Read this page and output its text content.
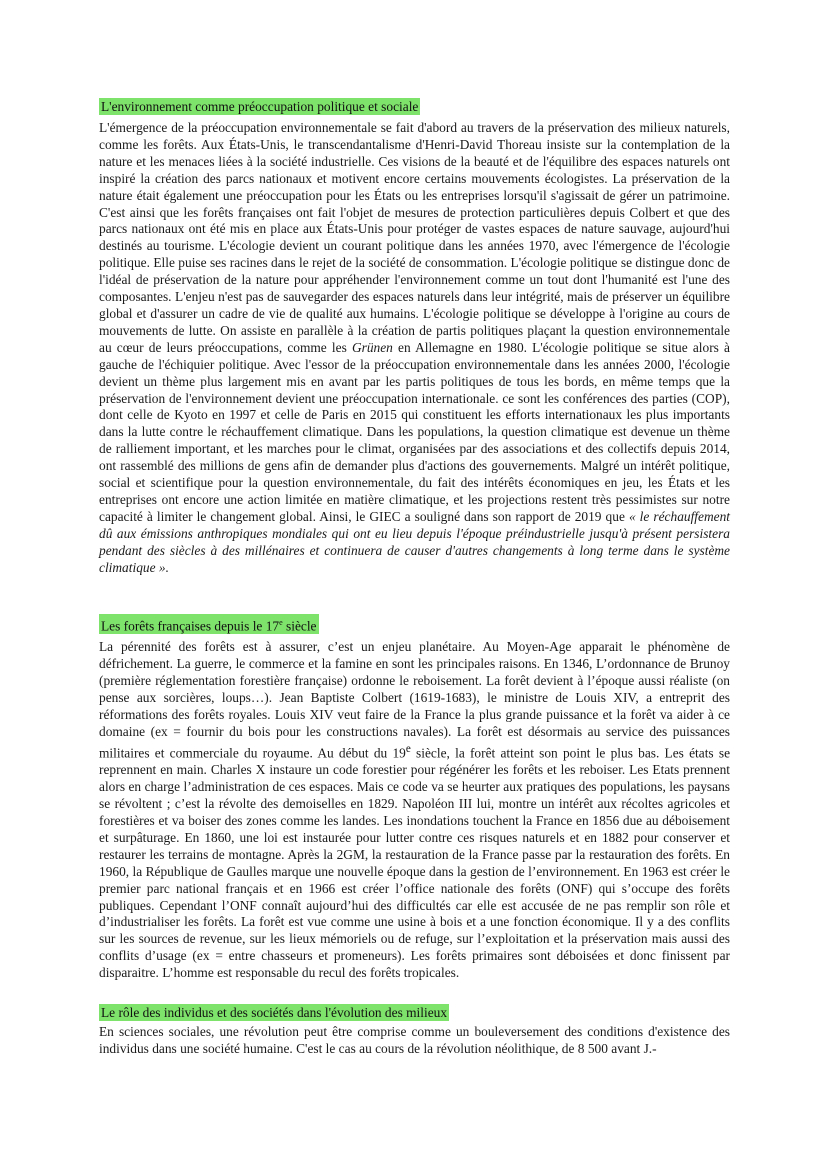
L'environnement comme préoccupation politique et sociale

L'émergence de la préoccupation environnementale se fait d'abord au travers de la préservation des milieux naturels, comme les forêts. Aux États-Unis, le transcendantalisme d'Henri-David Thoreau insiste sur la contemplation de la nature et les menaces liées à la société industrielle. Ces visions de la beauté et de l'équilibre des espaces naturels ont inspiré la création des parcs nationaux et motivent encore certains mouvements écologistes. La préservation de la nature était également une préoccupation pour les États ou les entreprises lorsqu'il s'agissait de gérer un patrimoine. C'est ainsi que les forêts françaises ont fait l'objet de mesures de protection particulières depuis Colbert et que des parcs nationaux ont été mis en place aux États-Unis pour protéger de vastes espaces de nature sauvage, aujourd'hui destinés au tourisme. L'écologie devient un courant politique dans les années 1970, avec l'émergence de l'écologie politique. Elle puise ses racines dans le rejet de la société de consommation. L'écologie politique se distingue donc de l'idéal de préservation de la nature pour appréhender l'environnement comme un tout dont l'humanité est l'une des composantes. L'enjeu n'est pas de sauvegarder des espaces naturels dans leur intégrité, mais de préserver un équilibre global et d'assurer un cadre de vie de qualité aux humains. L'écologie politique se développe à l'origine au cours de mouvements de lutte. On assiste en parallèle à la création de partis politiques plaçant la question environnementale au cœur de leurs préoccupations, comme les Grünen en Allemagne en 1980. L'écologie politique se situe alors à gauche de l'échiquier politique. Avec l'essor de la préoccupation environnementale dans les années 2000, l'écologie devient un thème plus largement mis en avant par les partis politiques de tous les bords, en même temps que la préservation de l'environnement devient une préoccupation internationale. ce sont les conférences des parties (COP), dont celle de Kyoto en 1997 et celle de Paris en 2015 qui constituent les efforts internationaux les plus importants dans la lutte contre le réchauffement climatique. Dans les populations, la question climatique est devenue un thème de ralliement important, et les marches pour le climat, organisées par des associations et des collectifs depuis 2014, ont rassemblé des millions de gens afin de demander plus d'actions des gouvernements. Malgré un intérêt politique, social et scientifique pour la question environnementale, du fait des intérêts économiques en jeu, les États et les entreprises ont encore une action limitée en matière climatique, et les projections restent très pessimistes sur notre capacité à limiter le changement global. Ainsi, le GIEC a souligné dans son rapport de 2019 que « le réchauffement dû aux émissions anthropiques mondiales qui ont eu lieu depuis l'époque préindustrielle jusqu'à présent persistera pendant des siècles à des millénaires et continuera de causer d'autres changements à long terme dans le système climatique ».

Les forêts françaises depuis le 17e siècle

La pérennité des forêts est à assurer, c’est un enjeu planétaire. Au Moyen-Age apparait le phénomène de défrichement. La guerre, le commerce et la famine en sont les principales raisons. En 1346, L’ordonnance de Brunoy (première réglementation forestière française) ordonne le reboisement. La forêt devient à l’époque aussi réaliste (on pense aux sorcières, loups…). Jean Baptiste Colbert (1619-1683), le ministre de Louis XIV, a entreprit des réformations des forêts royales. Louis XIV veut faire de la France la plus grande puissance et la forêt va aider à ce domaine (ex = fournir du bois pour les constructions navales). La forêt est désormais au service des puissances militaires et commerciale du royaume. Au début du 19e siècle, la forêt atteint son point le plus bas. Les états se reprennent en main. Charles X instaure un code forestier pour régénérer les forêts et les reboiser. Les Etats prennent alors en charge l’administration de ces espaces. Mais ce code va se heurter aux pratiques des populations, les paysans se révoltent ; c’est la révolte des demoiselles en 1829. Napoléon III lui, montre un intérêt aux récoltes agricoles et forestières et va boiser des zones comme les landes. Les inondations touchent la France en 1856 due au déboisement et surpâturage. En 1860, une loi est instaurée pour lutter contre ces risques naturels et en 1882 pour conserver et restaurer les terrains de montagne. Après la 2GM, la restauration de la France passe par la restauration des forêts. En 1960, la République de Gaulles marque une nouvelle époque dans la gestion de l’environnement. En 1963 est créer le premier parc national français et en 1966 est créer l’office nationale des forêts (ONF) qui s’occupe des forêts publiques. Cependant l’ONF connaît aujourd’hui des difficultés car elle est accusée de ne pas remplir son rôle et d’industrialiser les forêts. La forêt est vue comme une usine à bois et a une fonction économique. Il y a des conflits sur les sources de revenue, sur les lieux mémoriels ou de refuge, sur l’exploitation et la préservation mais aussi des conflits d’usage (ex = entre chasseurs et promeneurs). Les forêts primaires sont déboisées et donc finissent par disparaitre. L’homme est responsable du recul des forêts tropicales.

Le rôle des individus et des sociétés dans l'évolution des milieux

En sciences sociales, une révolution peut être comprise comme un bouleversement des conditions d'existence des individus dans une société humaine. C'est le cas au cours de la révolution néolithique, de 8 500 avant J.-
